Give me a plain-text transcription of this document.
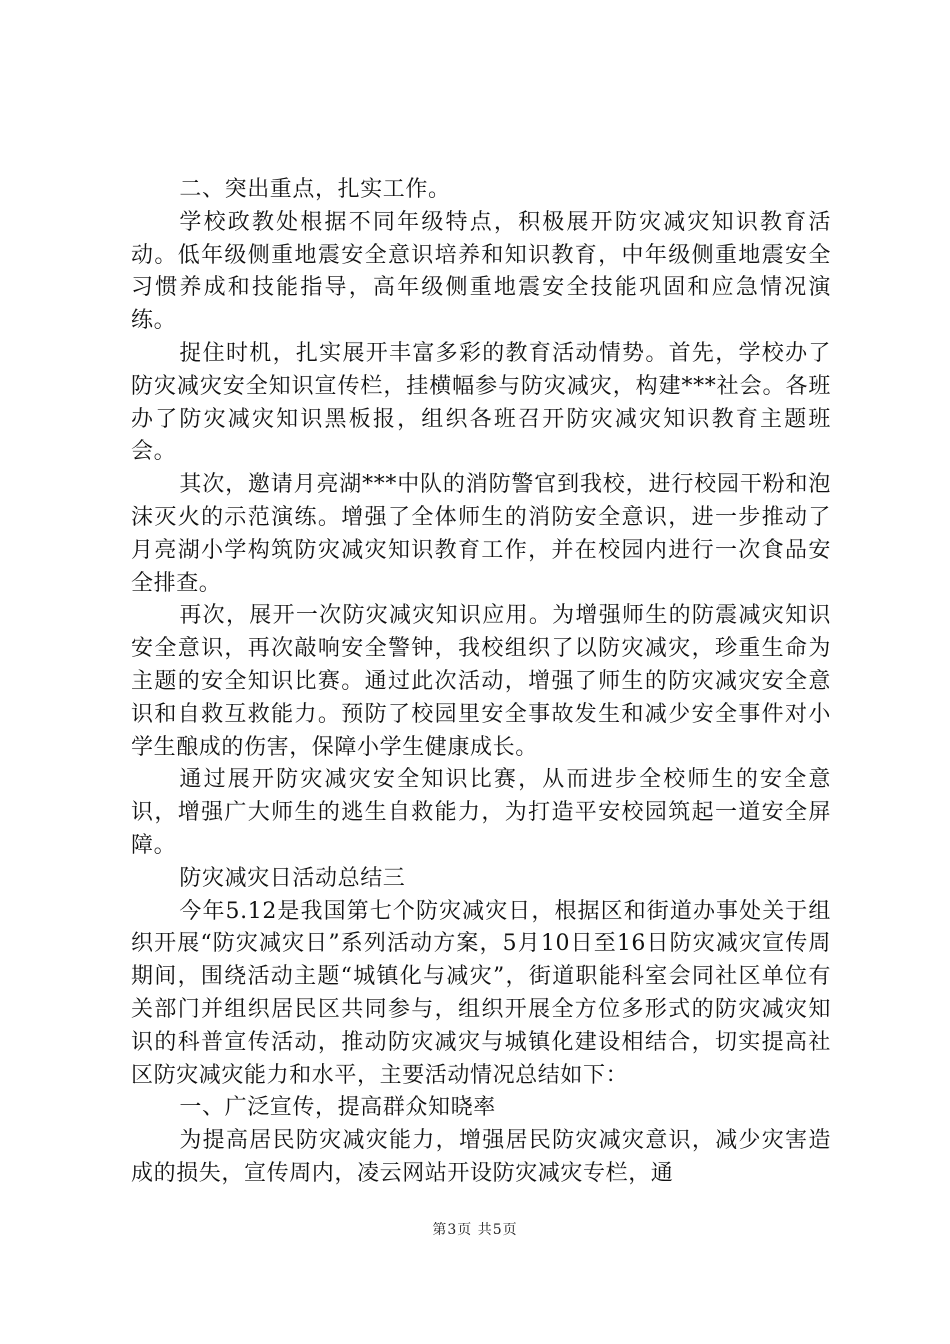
二、突出重点，扎实工作。

学校政教处根据不同年级特点，积极展开防灾减灾知识教育活动。低年级侧重地震安全意识培养和知识教育，中年级侧重地震安全习惯养成和技能指导，高年级侧重地震安全技能巩固和应急情况演练。

捉住时机，扎实展开丰富多彩的教育活动情势。首先，学校办了防灾减灾安全知识宣传栏，挂横幅参与防灾减灾，构建***社会。各班办了防灾减灾知识黑板报，组织各班召开防灾减灾知识教育主题班会。

其次，邀请月亮湖***中队的消防警官到我校，进行校园干粉和泡沫灭火的示范演练。增强了全体师生的消防安全意识，进一步推动了月亮湖小学构筑防灾减灾知识教育工作，并在校园内进行一次食品安全排查。

再次，展开一次防灾减灾知识应用。为增强师生的防震减灾知识安全意识，再次敲响安全警钟，我校组织了以防灾减灾，珍重生命为主题的安全知识比赛。通过此次活动，增强了师生的防灾减灾安全意识和自救互救能力。预防了校园里安全事故发生和减少安全事件对小学生酿成的伤害，保障小学生健康成长。

通过展开防灾减灾安全知识比赛，从而进步全校师生的安全意识，增强广大师生的逃生自救能力，为打造平安校园筑起一道安全屏障。

防灾减灾日活动总结三

今年5.12是我国第七个防灾减灾日，根据区和街道办事处关于组织开展“防灾减灾日”系列活动方案，5月10日至16日防灾减灾宣传周期间，围绕活动主题“城镇化与减灾”，街道职能科室会同社区单位有关部门并组织居民区共同参与，组织开展全方位多形式的防灾减灾知识的科普宣传活动，推动防灾减灾与城镇化建设相结合，切实提高社区防灾减灾能力和水平，主要活动情况总结如下：

一、广泛宣传，提高群众知晓率

为提高居民防灾减灾能力，增强居民防灾减灾意识，减少灾害造成的损失，宣传周内，凌云网站开设防灾减灾专栏，通

第3页 共5页
